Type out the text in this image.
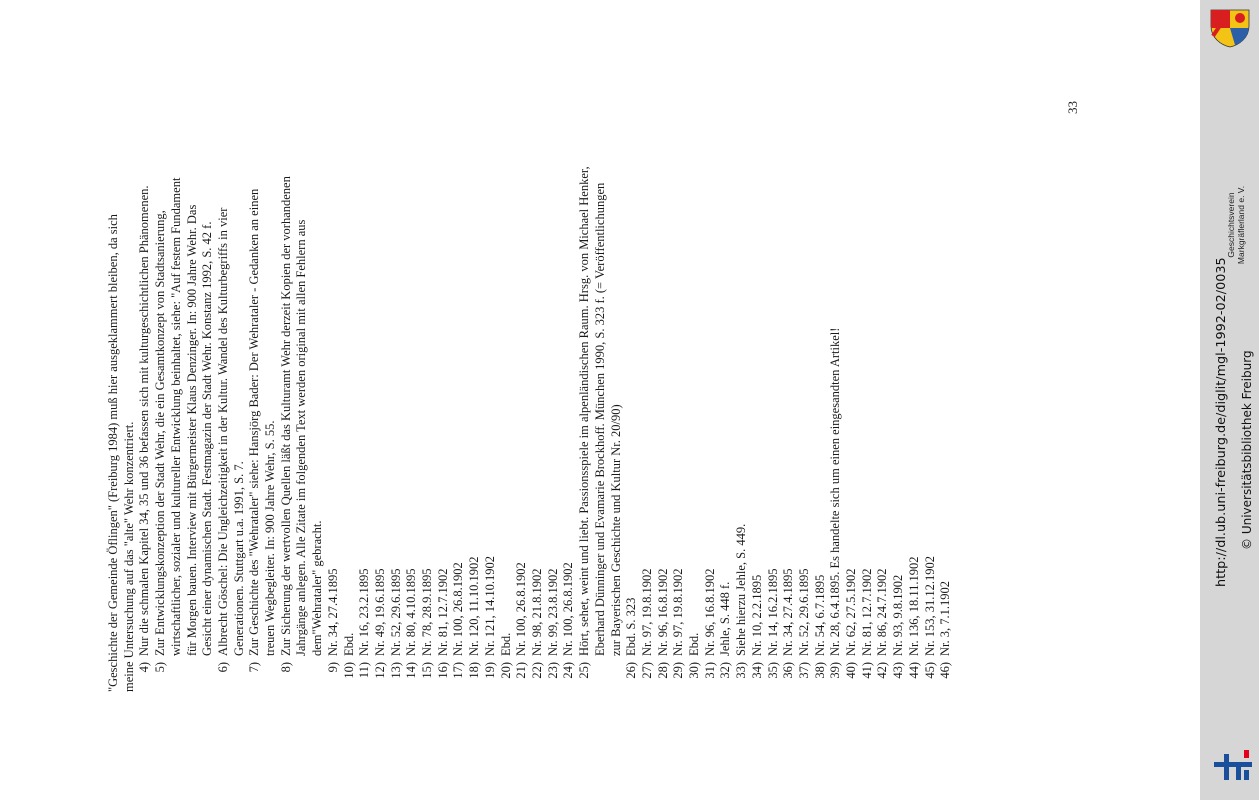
"Geschichte der Gemeinde Öflingen" (Freiburg 1984) muß hier ausgeklammert bleiben, da sich meine Untersuchung auf das "alte" Wehr konzentriert. 4)
Nur die schmalen Kapitel 34, 35 und 36 befassen sich mit kulturgeschichtlichen Phänomenen.
5)
Zur Entwicklungskonzeption der Stadt Wehr, die ein Gesamtkonzept von Stadtsanierung, wirtschaftlicher, sozialer und kultureller Entwicklung beinhaltet, siehe: "Auf festem Fundament für Morgen bauen. Interview mit Bürgermeister Klaus Denzinger. In: 900 Jahre Wehr. Das Gesicht einer dynamischen Stadt. Festmagazin der Stadt Wehr. Konstanz 1992, S. 42 f.
6)
Albrecht Göschel: Die Ungleichzeitigkeit in der Kultur. Wandel des Kulturbegriffs in vier Generationen. Stuttgart u.a. 1991, S. 7.
7)
Zur Geschichte des "Wehrataler" siehe: Hansjörg Bader: Der Wehrataler - Gedanken an einen treuen Wegbegleiter. In: 900 Jahre Wehr, S. 55.
8)
Zur Sicherung der wertvollen Quellen läßt das Kulturamt Wehr derzeit Kopien der vorhandenen Jahrgänge anlegen. Alle Zitate im folgenden Text werden original mit allen Fehlern aus dem"Wehrataler" gebracht.
9)
Nr. 34, 27.4.1895
10)
Ebd.
11)
Nr. 16, 23.2.1895
12)
Nr. 49, 19.6.1895
13)
Nr. 52, 29.6.1895
14)
Nr. 80, 4.10.1895
15)
Nr. 78, 28.9.1895
16)
Nr. 81, 12.7.1902
17)
Nr. 100, 26.8.1902
18)
Nr. 120, 11.10.1902
19)
Nr. 121, 14.10.1902
20)
Ebd.
21)
Nr. 100, 26.8.1902
22)
Nr. 98, 21.8.1902
23)
Nr. 99, 23.8.1902
24)
Nr. 100, 26.8.1902
25)
Hört, sehet, weint und liebt. Passionsspiele im alpenländischen Raum. Hrsg. von Michael Henker, Eberhard Dünninger und Evamarie Brockhoff. München 1990, S. 323 f. (= Veröffentlichungen zur Bayerischen Geschichte und Kultur Nr. 20/90)
26)
Ebd. S. 323
27)
Nr. 97, 19.8.1902
28)
Nr. 96, 16.8.1902
29)
Nr. 97, 19.8.1902
30)
Ebd.
31)
Nr. 96, 16.8.1902
32)
Jehle, S. 448 f.
33)
Siehe hierzu Jehle, S. 449.
34)
Nr. 10, 2.2.1895
35)
Nr. 14, 16.2.1895
36)
Nr. 34, 27.4.1895
37)
Nr. 52, 29.6.1895
38)
Nr. 54, 6.7.1895
39)
Nr. 28, 6.4.1895. Es handelte sich um einen eingesandten Artikel!
40)
Nr. 62, 27.5.1902
41)
Nr. 81, 12.7.1902
42)
Nr. 86, 24.7.1902
43)
Nr. 93, 9.8.1902
44)
Nr. 136, 18.11.1902
45)
Nr. 153, 31.12.1902
46)
Nr. 3, 7.1.1902
33
Geschichtsverein Markgräflerland e. V.
http://dl.ub.uni-freiburg.de/diglit/mgl-1992-02/0035 © Universitätsbibliothek Freiburg
